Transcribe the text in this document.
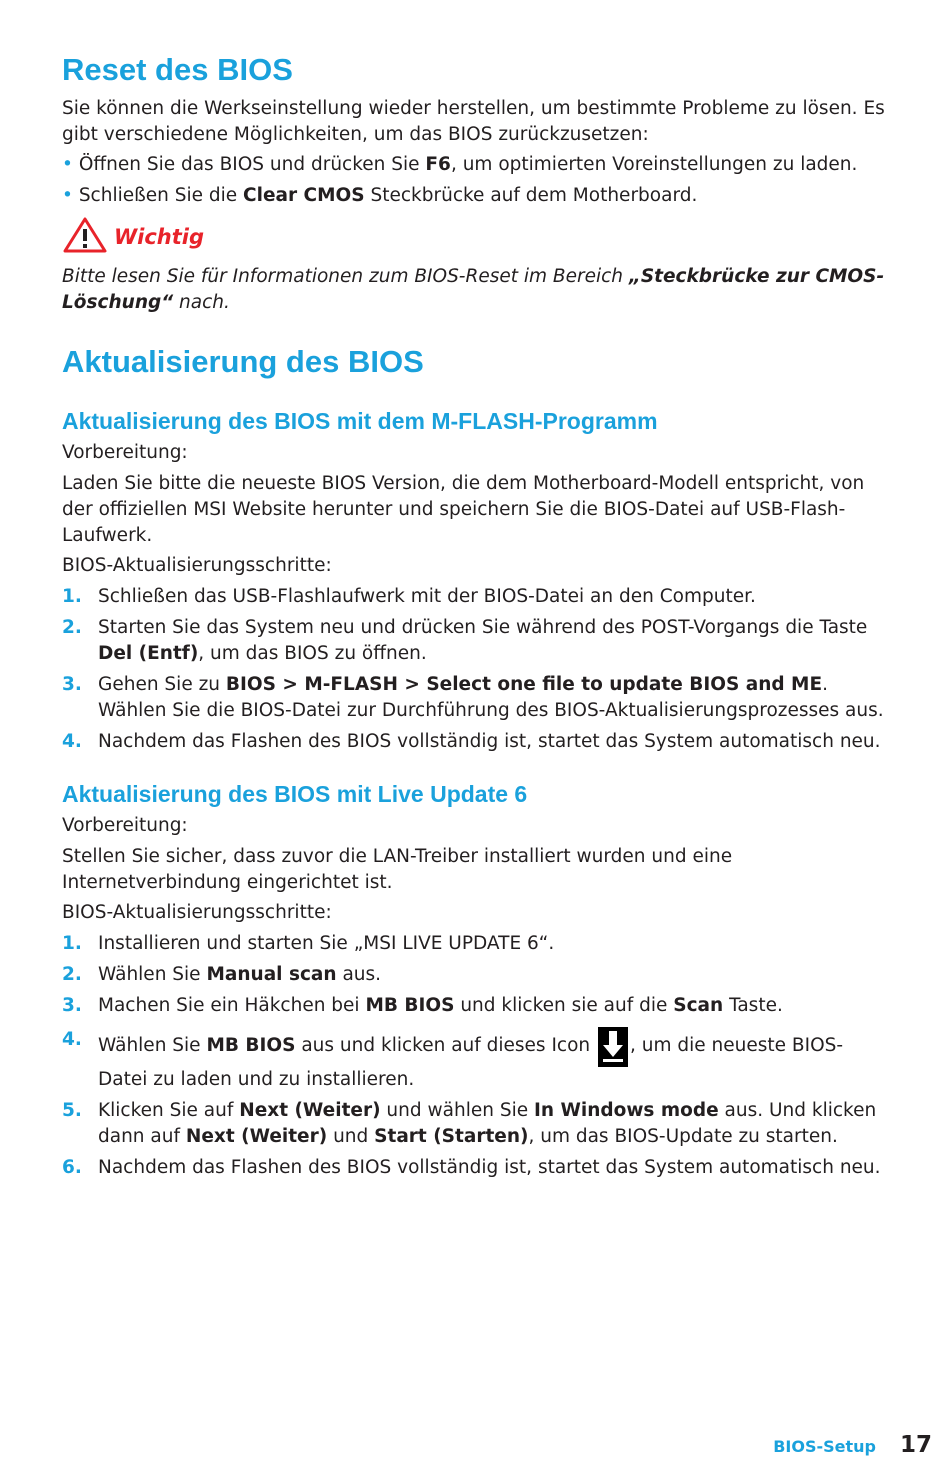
Reset des BIOS

Sie können die Werkseinstellung wieder herstellen, um bestimmte Probleme zu lösen. Es gibt verschiedene Möglichkeiten, um das BIOS zurückzusetzen:

• Öffnen Sie das BIOS und drücken Sie F6, um optimierten Voreinstellungen zu laden.

• Schließen Sie die Clear CMOS Steckbrücke auf dem Motherboard.

Wichtig

Bitte lesen Sie für Informationen zum BIOS-Reset im Bereich „Steckbrücke zur CMOS-Löschung“ nach.

Aktualisierung des BIOS
Aktualisierung des BIOS mit dem M-FLASH-Programm

Vorbereitung:

Laden Sie bitte die neueste BIOS Version, die dem Motherboard-Modell entspricht, von der offiziellen MSI Website herunter und speichern Sie die BIOS-Datei auf USB-Flash-Laufwerk.

BIOS-Aktualisierungsschritte:

1. Schließen das USB-Flashlaufwerk mit der BIOS-Datei an den Computer.
2. Starten Sie das System neu und drücken Sie während des POST-Vorgangs die Taste Del (Entf), um das BIOS zu öffnen.
3. Gehen Sie zu BIOS > M-FLASH > Select one file to update BIOS and ME. Wählen Sie die BIOS-Datei zur Durchführung des BIOS-Aktualisierungsprozesses aus.
4. Nachdem das Flashen des BIOS vollständig ist, startet das System automatisch neu.
Aktualisierung des BIOS mit Live Update 6

Vorbereitung:

Stellen Sie sicher, dass zuvor die LAN-Treiber installiert wurden und eine Internetverbindung eingerichtet ist.

BIOS-Aktualisierungsschritte:

1. Installieren und starten Sie „MSI LIVE UPDATE 6“.
2. Wählen Sie Manual scan aus.
3. Machen Sie ein Häkchen bei MB BIOS und klicken sie auf die Scan Taste.
4. Wählen Sie MB BIOS aus und klicken auf dieses Icon , um die neueste BIOS-Datei zu laden und zu installieren.
5. Klicken Sie auf Next (Weiter) und wählen Sie In Windows mode aus. Und klicken dann auf Next (Weiter) und Start (Starten), um das BIOS-Update zu starten.
6. Nachdem das Flashen des BIOS vollständig ist, startet das System automatisch neu.
BIOS-Setup 17
